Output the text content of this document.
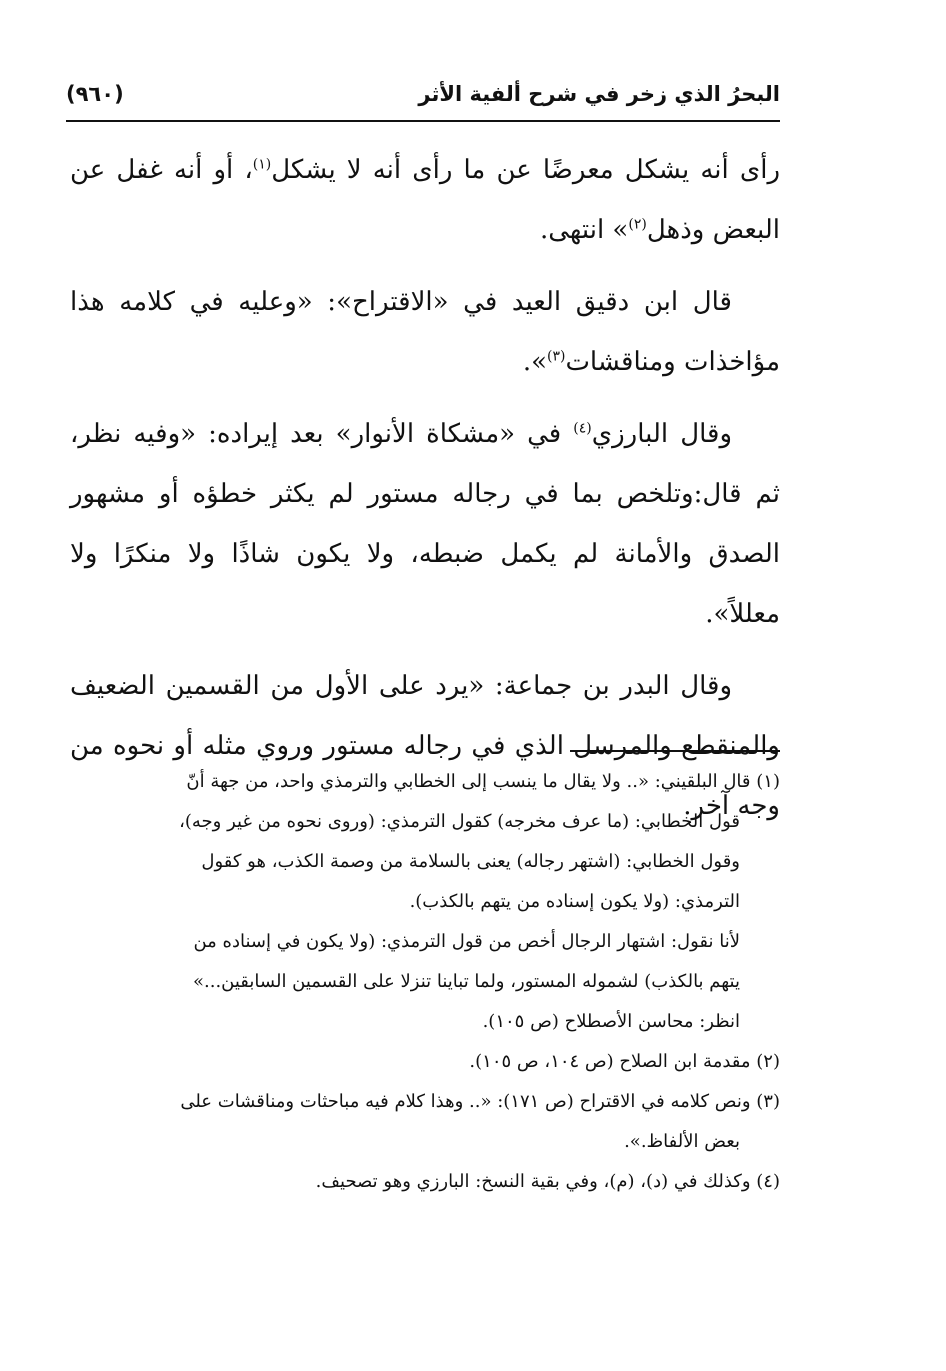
البحرُ الذي زخر في شرح ألفية الأثر
(٩٦٠)

رأى أنه يشكل معرضًا عن ما رأى أنه لا يشكل$^{(١)}$، أو أنه غفل عن البعض وذهل$^{(٢)}$» انتهى.

قال ابن دقيق العيد في «الاقتراح»: «وعليه في كلامه هذا مؤاخذات ومناقشات$^{(٣)}$».

وقال البارزي$^{(٤)}$ في «مشكاة الأنوار» بعد إيراده: «وفيه نظر، ثم قال:وتلخص بما في رجاله مستور لم يكثر خطؤه أو مشهور الصدق والأمانة لم يكمل ضبطه، ولا يكون شاذًا ولا منكرًا ولا معللاً».

وقال البدر بن جماعة: «يرد على الأول من القسمين الضعيف والمنقطع والمرسل الذي في رجاله مستور وروي مثله أو نحوه من وجه آخر.

(١) قال البلقيني: «.. ولا يقال ما ينسب إلى الخطابي والترمذي واحد، من جهة أنّ

قول الخطابي: (ما عرف مخرجه) كقول الترمذي: (وروى نحوه من غير وجه)،

وقول الخطابي: (اشتهر رجاله) يعنى بالسلامة من وصمة الكذب، هو كقول

الترمذي: (ولا يكون إسناده من يتهم بالكذب).

لأنا نقول: اشتهار الرجال أخص من قول الترمذي: (ولا يكون في إسناده من

يتهم بالكذب) لشموله المستور، ولما تباينا تنزلا على القسمين السابقين...»

انظر: محاسن الأصطلاح (ص ١٠٥).

(٢) مقدمة ابن الصلاح (ص ١٠٤، ص ١٠٥).

(٣) ونص كلامه في الاقتراح (ص ١٧١): «.. وهذا كلام فيه مباحثات ومناقشات على

بعض الألفاظ.».

(٤) وكذلك في (د)، (م)، وفي بقية النسخ: البارزي وهو تصحيف.
